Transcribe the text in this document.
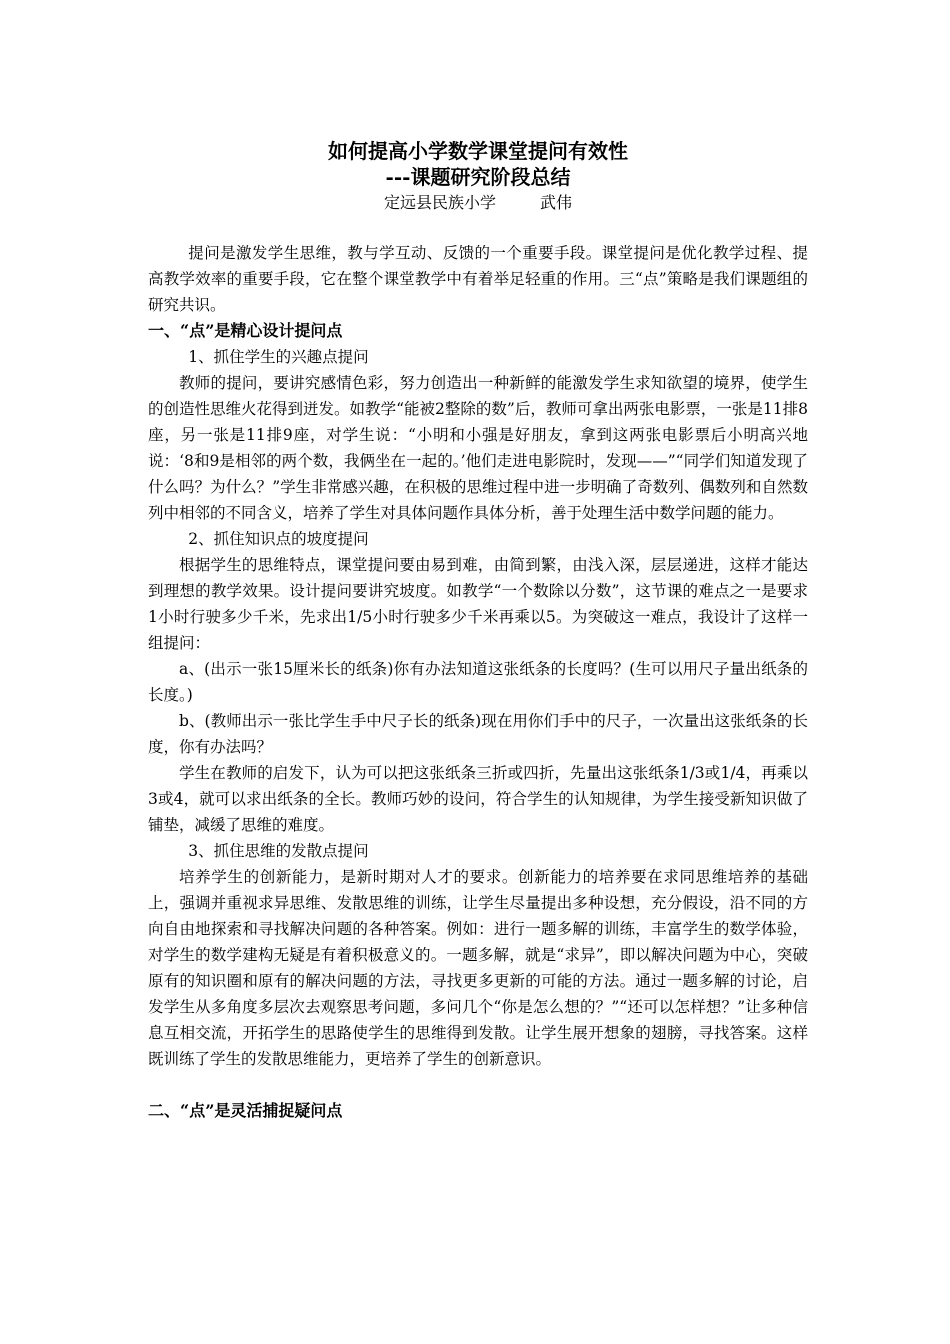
如何提高小学数学课堂提问有效性
---课题研究阶段总结
定远县民族小学	武伟

提问是激发学生思维，教与学互动、反馈的一个重要手段。课堂提问是优化教学过程、提高教学效率的重要手段，它在整个课堂教学中有着举足轻重的作用。三“点”策略是我们课题组的研究共识。

一、“点”是精心设计提问点

1、抓住学生的兴趣点提问

教师的提问，要讲究感情色彩，努力创造出一种新鲜的能激发学生求知欲望的境界，使学生的创造性思维火花得到迸发。如教学“能被2整除的数”后，教师可拿出两张电影票，一张是11排8座，另一张是11排9座，对学生说：“小明和小强是好朋友，拿到这两张电影票后小明高兴地说：‘8和9是相邻的两个数，我俩坐在一起的。’他们走进电影院时，发现——”“同学们知道发现了什么吗？为什么？”学生非常感兴趣，在积极的思维过程中进一步明确了奇数列、偶数列和自然数列中相邻的不同含义，培养了学生对具体问题作具体分析，善于处理生活中数学问题的能力。

2、抓住知识点的坡度提问

根据学生的思维特点，课堂提问要由易到难，由简到繁，由浅入深，层层递进，这样才能达到理想的教学效果。设计提问要讲究坡度。如教学“一个数除以分数”，这节课的难点之一是要求1小时行驶多少千米，先求出1/5小时行驶多少千米再乘以5。为突破这一难点，我设计了这样一组提问：

a、(出示一张15厘米长的纸条)你有办法知道这张纸条的长度吗？(生可以用尺子量出纸条的长度。)

b、(教师出示一张比学生手中尺子长的纸条)现在用你们手中的尺子，一次量出这张纸条的长度，你有办法吗？

学生在教师的启发下，认为可以把这张纸条三折或四折，先量出这张纸条1/3或1/4，再乘以3或4，就可以求出纸条的全长。教师巧妙的设问，符合学生的认知规律，为学生接受新知识做了铺垫，减缓了思维的难度。

3、抓住思维的发散点提问

培养学生的创新能力，是新时期对人才的要求。创新能力的培养要在求同思维培养的基础上，强调并重视求异思维、发散思维的训练，让学生尽量提出多种设想，充分假设，沿不同的方向自由地探索和寻找解决问题的各种答案。例如：进行一题多解的训练，丰富学生的数学体验，对学生的数学建构无疑是有着积极意义的。一题多解，就是“求异”，即以解决问题为中心，突破原有的知识圈和原有的解决问题的方法，寻找更多更新的可能的方法。通过一题多解的讨论，启发学生从多角度多层次去观察思考问题，多问几个“你是怎么想的？”“还可以怎样想？”让多种信息互相交流，开拓学生的思路使学生的思维得到发散。让学生展开想象的翅膀，寻找答案。这样既训练了学生的发散思维能力，更培养了学生的创新意识。

二、“点”是灵活捕捉疑问点
